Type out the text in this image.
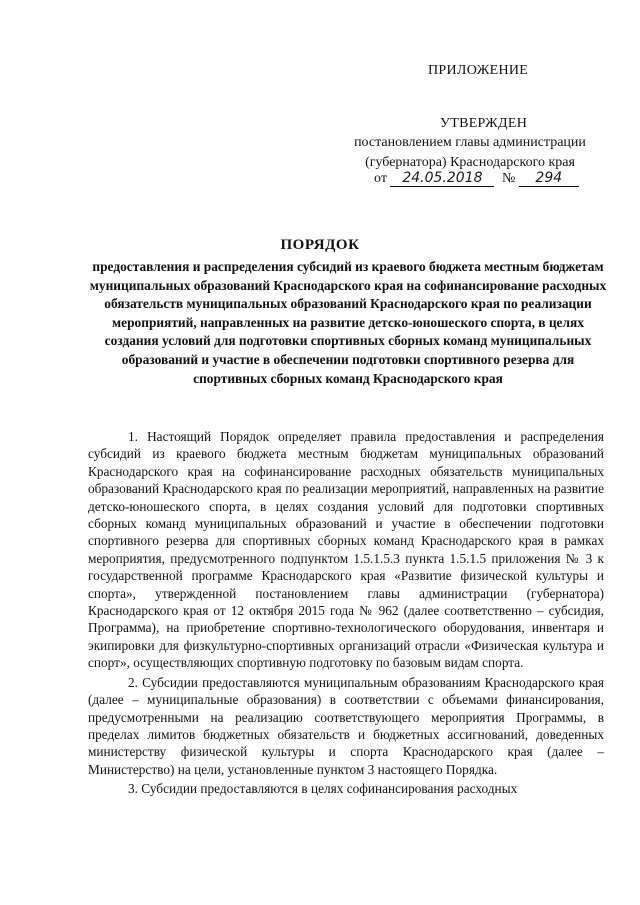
ПРИЛОЖЕНИЕ
УТВЕРЖДЕН
постановлением главы администрации
(губернатора) Краснодарского края
от 24.05.2018 № 294
ПОРЯДОК
предоставления и распределения субсидий из краевого бюджета местным бюджетам муниципальных образований Краснодарского края на софинансирование расходных обязательств муниципальных образований Краснодарского края по реализации мероприятий, направленных на развитие детско-юношеского спорта, в целях создания условий для подготовки спортивных сборных команд муниципальных образований и участие в обеспечении подготовки спортивного резерва для спортивных сборных команд Краснодарского края

1. Настоящий Порядок определяет правила предоставления и распределения субсидий из краевого бюджета местным бюджетам муниципальных образований Краснодарского края на софинансирование расходных обязательств муниципальных образований Краснодарского края по реализации мероприятий, направленных на развитие детско-юношеского спорта, в целях создания условий для подготовки спортивных сборных команд муниципальных образований и участие в обеспечении подготовки спортивного резерва для спортивных сборных команд Краснодарского края в рамках мероприятия, предусмотренного подпунктом 1.5.1.5.3 пункта 1.5.1.5 приложения № 3 к государственной программе Краснодарского края «Развитие физической культуры и спорта», утвержденной постановлением главы администрации (губернатора) Краснодарского края от 12 октября 2015 года № 962 (далее соответственно – субсидия, Программа), на приобретение спортивно-технологического оборудования, инвентаря и экипировки для физкультурно-спортивных организаций отрасли «Физическая культура и спорт», осуществляющих спортивную подготовку по базовым видам спорта.

2. Субсидии предоставляются муниципальным образованиям Краснодарского края (далее – муниципальные образования) в соответствии с объемами финансирования, предусмотренными на реализацию соответствующего мероприятия Программы, в пределах лимитов бюджетных обязательств и бюджетных ассигнований, доведенных министерству физической культуры и спорта Краснодарского края (далее – Министерство) на цели, установленные пунктом 3 настоящего Порядка.

3. Субсидии предоставляются в целях софинансирования расходных
